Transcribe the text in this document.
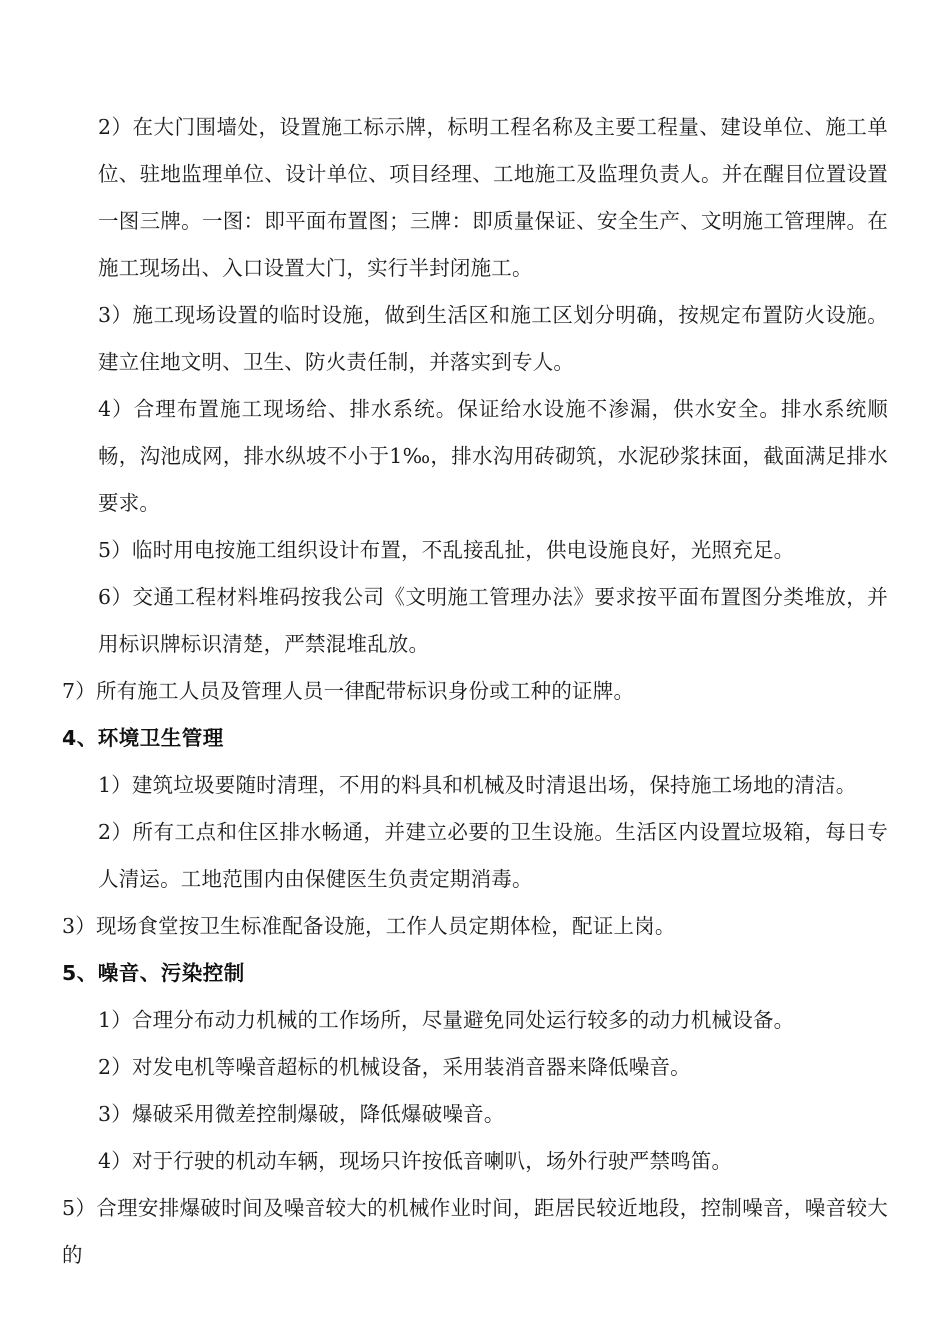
2）在大门围墙处，设置施工标示牌，标明工程名称及主要工程量、建设单位、施工单位、驻地监理单位、设计单位、项目经理、工地施工及监理负责人。并在醒目位置设置一图三牌。一图：即平面布置图；三牌：即质量保证、安全生产、文明施工管理牌。在施工现场出、入口设置大门，实行半封闭施工。

3）施工现场设置的临时设施，做到生活区和施工区划分明确，按规定布置防火设施。建立住地文明、卫生、防火责任制，并落实到专人。

4）合理布置施工现场给、排水系统。保证给水设施不渗漏，供水安全。排水系统顺畅，沟池成网，排水纵坡不小于1‰，排水沟用砖砌筑，水泥砂浆抹面，截面满足排水要求。

5）临时用电按施工组织设计布置，不乱接乱扯，供电设施良好，光照充足。

6）交通工程材料堆码按我公司《文明施工管理办法》要求按平面布置图分类堆放，并用标识牌标识清楚，严禁混堆乱放。

7）所有施工人员及管理人员一律配带标识身份或工种的证牌。

4、环境卫生管理

1）建筑垃圾要随时清理，不用的料具和机械及时清退出场，保持施工场地的清洁。

2）所有工点和住区排水畅通，并建立必要的卫生设施。生活区内设置垃圾箱，每日专人清运。工地范围内由保健医生负责定期消毒。

3）现场食堂按卫生标准配备设施，工作人员定期体检，配证上岗。

5、噪音、污染控制

1）合理分布动力机械的工作场所，尽量避免同处运行较多的动力机械设备。

2）对发电机等噪音超标的机械设备，采用装消音器来降低噪音。

3）爆破采用微差控制爆破，降低爆破噪音。

4）对于行驶的机动车辆，现场只许按低音喇叭，场外行驶严禁鸣笛。

5）合理安排爆破时间及噪音较大的机械作业时间，距居民较近地段，控制噪音，噪音较大的
